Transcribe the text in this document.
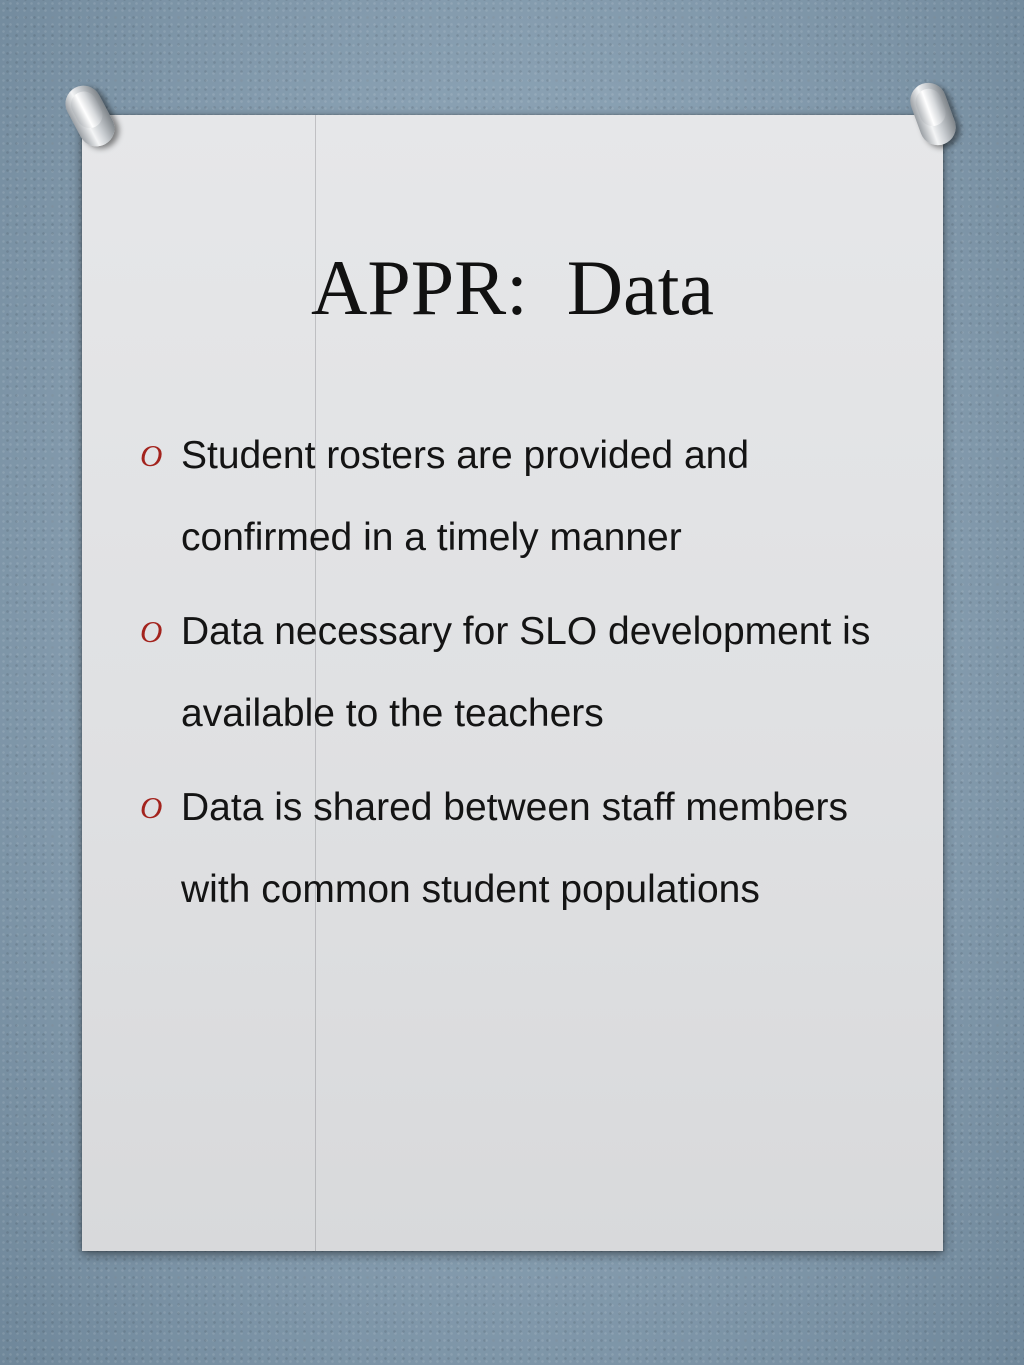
APPR:  Data
O Student rosters are provided and confirmed in a timely manner
O Data necessary for SLO development is available to the teachers
O Data is shared between staff members with common student populations
